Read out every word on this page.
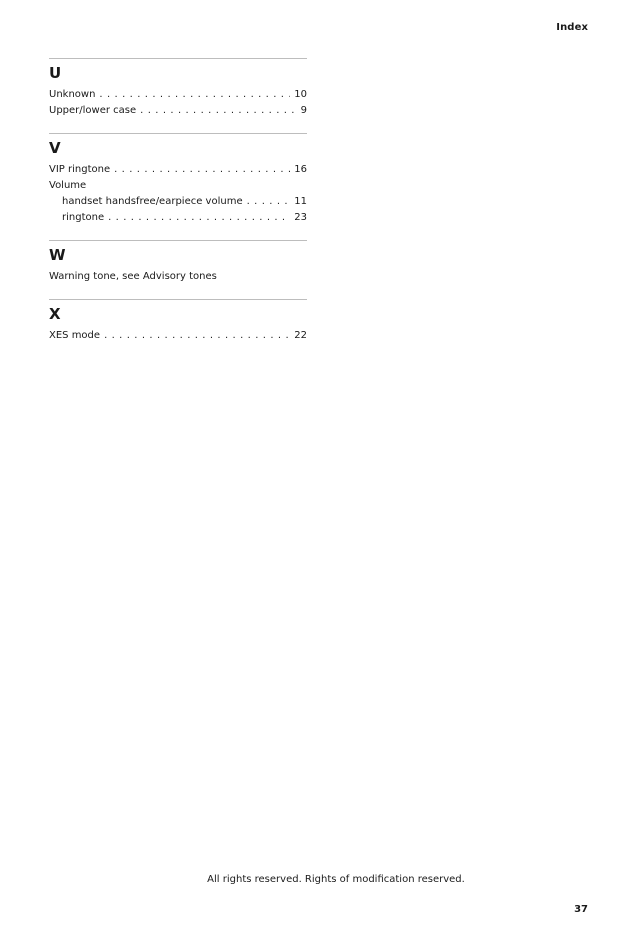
Index
U
Unknown . . .	10
Upper/lower case . . .	9
V
VIP ringtone . . .	16
Volume
handset handsfree/earpiece volume . . .	11
ringtone . . .	23
W
Warning tone, see Advisory tones
X
XES mode . . .	22
All rights reserved. Rights of modification reserved.
37
